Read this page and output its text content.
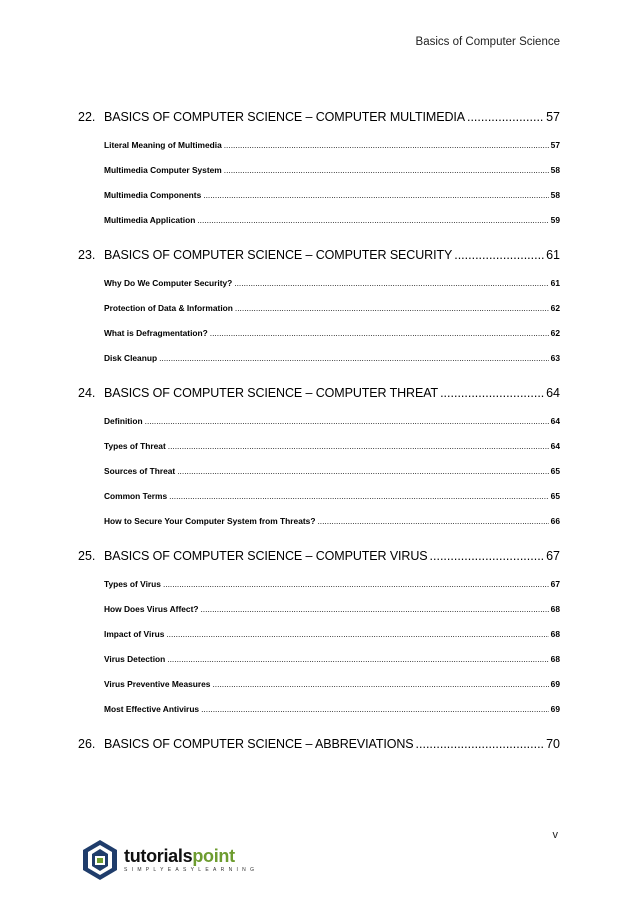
Basics of Computer Science
22. BASICS OF COMPUTER SCIENCE – COMPUTER MULTIMEDIA .....	57
Literal Meaning of Multimedia .....	57
Multimedia Computer System .....	58
Multimedia Components .....	58
Multimedia Application .....	59
23. BASICS OF COMPUTER SCIENCE – COMPUTER SECURITY .....	61
Why Do We Computer Security? .....	61
Protection of Data & Information .....	62
What is Defragmentation? .....	62
Disk Cleanup .....	63
24. BASICS OF COMPUTER SCIENCE – COMPUTER THREAT .....	64
Definition .....	64
Types of Threat .....	64
Sources of Threat .....	65
Common Terms .....	65
How to Secure Your Computer System from Threats? .....	66
25. BASICS OF COMPUTER SCIENCE – COMPUTER VIRUS .....	67
Types of Virus .....	67
How Does Virus Affect? .....	68
Impact of Virus .....	68
Virus Detection .....	68
Virus Preventive Measures .....	69
Most Effective Antivirus .....	69
26. BASICS OF COMPUTER SCIENCE – ABBREVIATIONS .....	70
v
tutorialspoint
SIMPLYEASYLEARNING
